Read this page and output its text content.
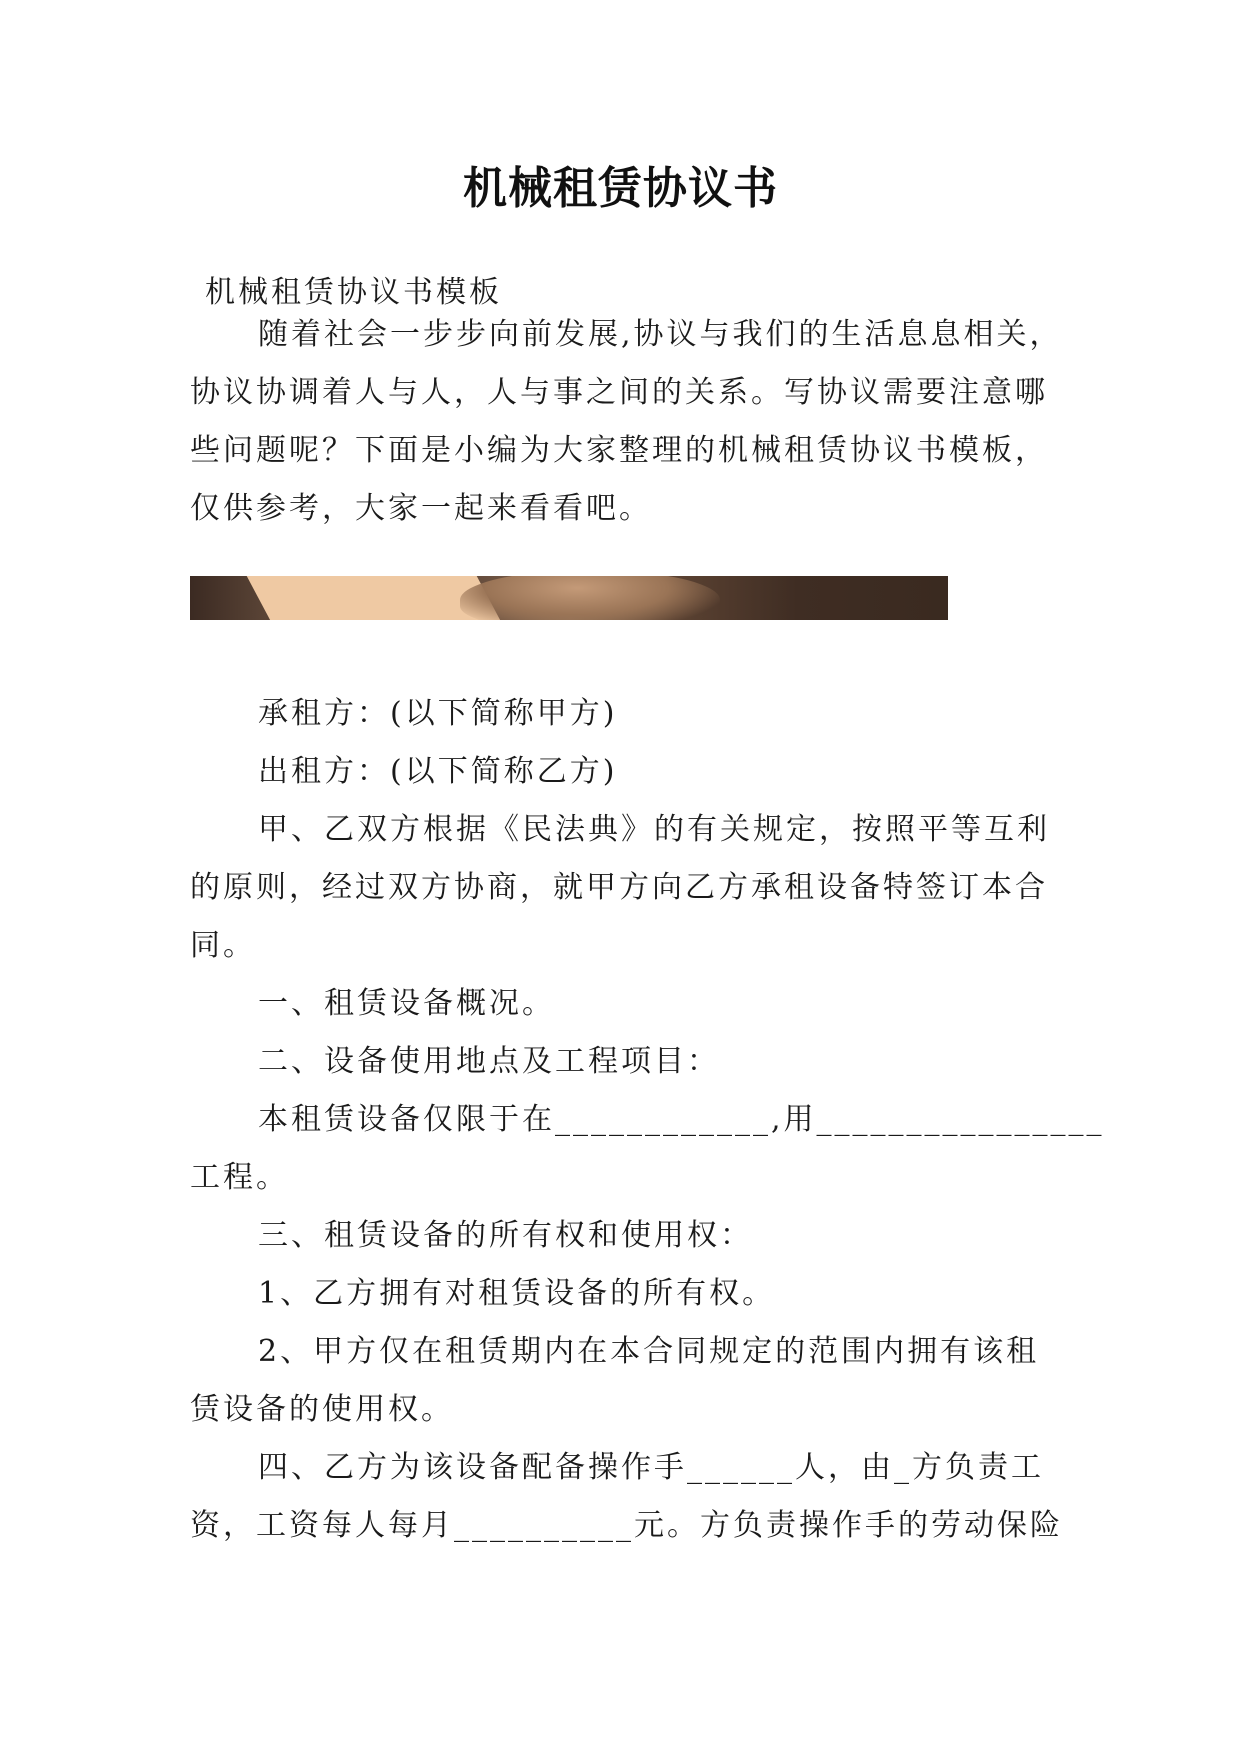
机械租赁协议书

机械租赁协议书模板

随着社会一步步向前发展,协议与我们的生活息息相关，
协议协调着人与人，人与事之间的关系。写协议需要注意哪
些问题呢？下面是小编为大家整理的机械租赁协议书模板，
仅供参考，大家一起来看看吧。

承租方：(以下简称甲方)

出租方：(以下简称乙方)

甲、乙双方根据《民法典》的有关规定，按照平等互利
的原则，经过双方协商，就甲方向乙方承租设备特签订本合
同。

一、租赁设备概况。

二、设备使用地点及工程项目：

本租赁设备仅限于在____________,用________________
工程。

三、租赁设备的所有权和使用权：

1、乙方拥有对租赁设备的所有权。

2、甲方仅在租赁期内在本合同规定的范围内拥有该租
赁设备的使用权。

四、乙方为该设备配备操作手______人，由_方负责工
资，工资每人每月__________元。方负责操作手的劳动保险
